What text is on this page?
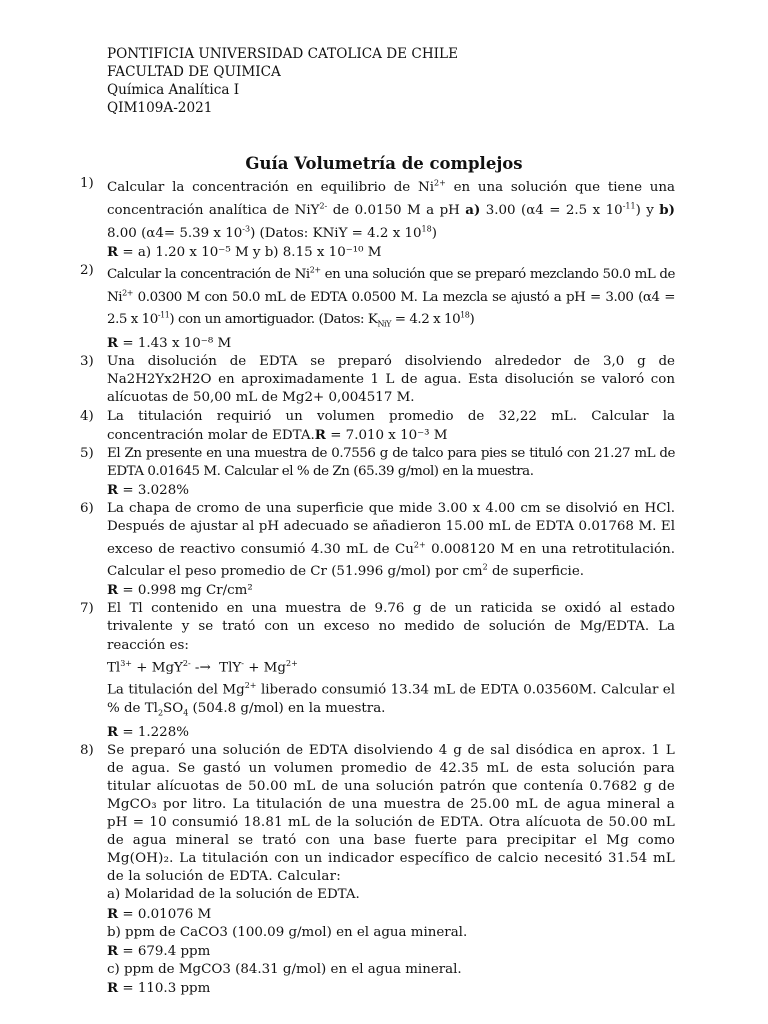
PONTIFICIA UNIVERSIDAD CATOLICA DE CHILE
FACULTAD DE QUIMICA
Química Analítica I
QIM109A-2021
Guía Volumetría de complejos
1) Calcular la concentración en equilibrio de $Ni^{2+}$ en una solución que tiene una concentración analítica de NiY$^{2-}$ de 0.0150 M a pH a) 3.00 (α4 = 2.5 x $10^{-11}$) y b) 8.00 (α4= 5.39 x $10^{-3}$) (Datos: KNiY = 4.2 x $10^{18}$)
R = a) 1.20 x 10⁻⁵ M y b) 8.15 x 10⁻¹⁰ M
2) Calcular la concentración de $Ni^{2+}$ en una solución que se preparó mezclando 50.0 mL de $Ni^{2+}$ 0.0300 M con 50.0 mL de EDTA 0.0500 M. La mezcla se ajustó a pH = 3.00 (α4 = 2.5 x $10^{-11}$) con un amortiguador. (Datos: $K_{NiY} = 4.2$ x $10^{18}$)
R = 1.43 x 10⁻⁸ M
3) Una disolución de EDTA se preparó disolviendo alrededor de 3,0 g de Na2H2Yx2H2O en aproximadamente 1 L de agua. Esta disolución se valoró con alícuotas de 50,00 mL de Mg2+ 0,004517 M.
4) La titulación requirió un volumen promedio de 32,22 mL. Calcular la concentración molar de EDTA.R = 7.010 x 10⁻³ M
5) El Zn presente en una muestra de 0.7556 g de talco para pies se tituló con 21.27 mL de EDTA 0.01645 M. Calcular el % de Zn (65.39 g/mol) en la muestra.
R = 3.028%
6) La chapa de cromo de una superficie que mide 3.00 x 4.00 cm se disolvió en HCl. Después de ajustar al pH adecuado se añadieron 15.00 mL de EDTA 0.01768 M. El exceso de reactivo consumió 4.30 mL de $Cu^{2+}$ 0.008120 M en una retrotitulación. Calcular el peso promedio de Cr (51.996 g/mol) por $cm^2$ de superficie.
R = 0.998 mg Cr/cm²
7) El Tl contenido en una muestra de 9.76 g de un raticida se oxidó al estado trivalente y se trató con un exceso no medido de solución de Mg/EDTA. La reacción es:
$Tl^{3+} + MgY^{2-} -\to TlY^- + Mg^{2+}$
La titulación del $Mg^{2+}$ liberado consumió 13.34 mL de EDTA 0.03560M. Calcular el % de $Tl_2SO_4$ (504.8 g/mol) en la muestra.
R = 1.228%
8) Se preparó una solución de EDTA disolviendo 4 g de sal disódica en aprox. 1 L de agua. Se gastó un volumen promedio de 42.35 mL de esta solución para titular alícuotas de 50.00 mL de una solución patrón que contenía 0.7682 g de MgCO₃ por litro. La titulación de una muestra de 25.00 mL de agua mineral a pH = 10 consumió 18.81 mL de la solución de EDTA. Otra alícuota de 50.00 mL de agua mineral se trató con una base fuerte para precipitar el Mg como Mg(OH)₂. La titulación con un indicador específico de calcio necesitó 31.54 mL de la solución de EDTA. Calcular:
a) Molaridad de la solución de EDTA.
R = 0.01076 M
b) ppm de CaCO3 (100.09 g/mol) en el agua mineral.
R = 679.4 ppm
c) ppm de MgCO3 (84.31 g/mol) en el agua mineral.
R = 110.3 ppm
